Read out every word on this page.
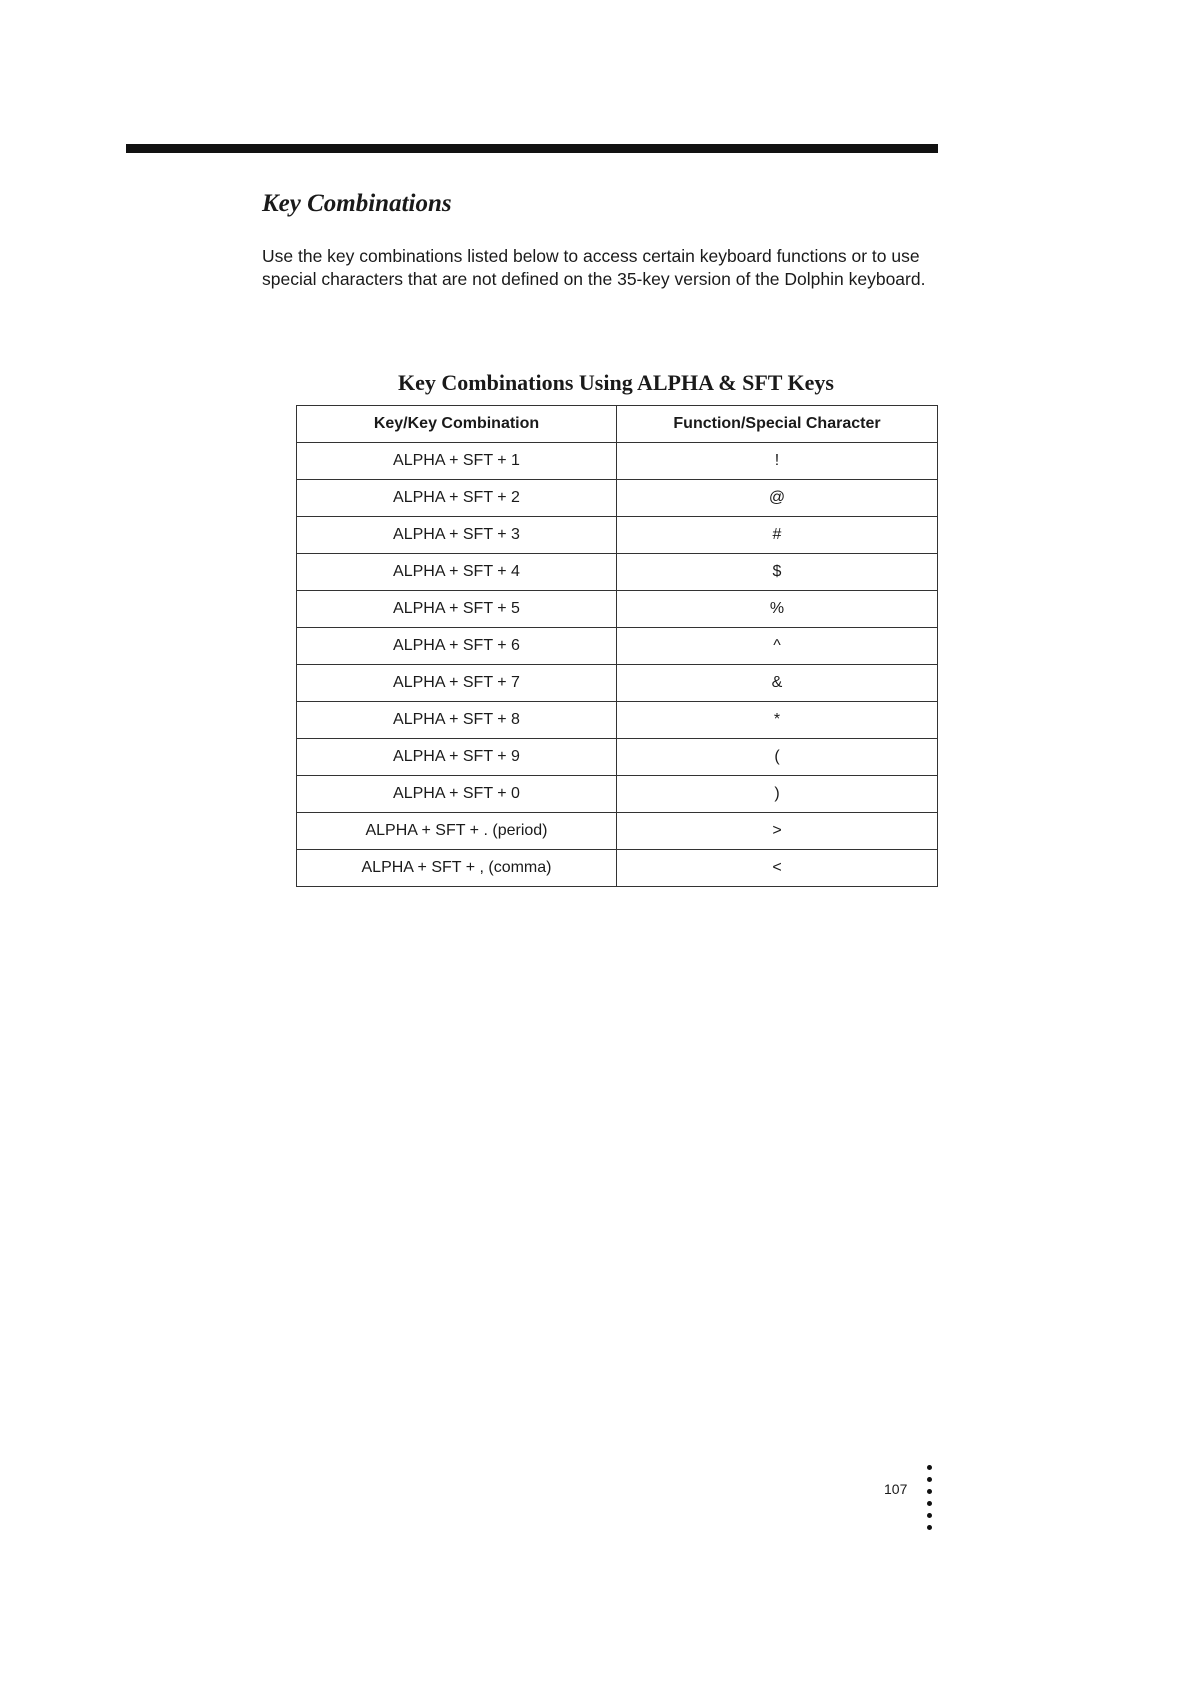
Key Combinations

Use the key combinations listed below to access certain keyboard functions or to use special characters that are not defined on the 35-key version of the Dolphin keyboard.

Key Combinations Using ALPHA & SFT Keys
Key/Key Combination	Function/Special Character
ALPHA + SFT + 1	!
ALPHA + SFT + 2	@
ALPHA + SFT + 3	#
ALPHA + SFT + 4	$
ALPHA + SFT + 5	%
ALPHA + SFT + 6	^
ALPHA + SFT + 7	&
ALPHA + SFT + 8	*
ALPHA + SFT + 9	(
ALPHA + SFT + 0	)
ALPHA + SFT + . (period)	>
ALPHA + SFT + , (comma)	<
107
